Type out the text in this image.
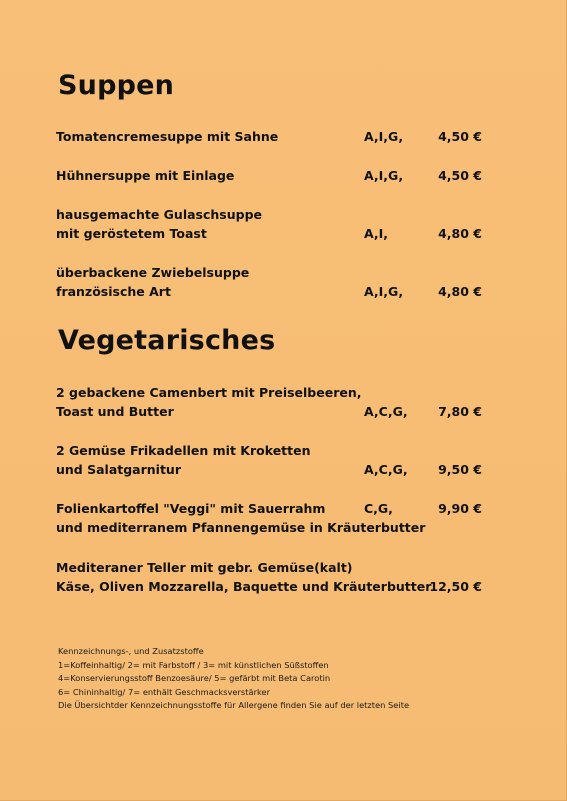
Suppen
Tomatencremesuppe mit Sahne	A,I,G,	4,50 €
Hühnersuppe mit Einlage	A,I,G,	4,50 €
hausgemachte Gulaschsuppe
mit geröstetem Toast	A,I,	4,80 €
überbackene Zwiebelsuppe
französische Art	A,I,G,	4,80 €
Vegetarisches
2 gebackene Camenbert mit Preiselbeeren,
Toast und Butter	A,C,G, 7,80 €
2 Gemüse Frikadellen mit Kroketten
und Salatgarnitur	A,C,G, 9,50 €
Folienkartoffel "Veggi" mit Sauerrahm
und mediterranem Pfannengemüse in Kräuterbutter
C,G,	9,90 €
Mediteraner Teller mit gebr. Gemüse(kalt)
Käse, Oliven Mozzarella, Baquette und Kräuterbutter
12,50 €
Kennzeichnungs-, und Zusatzstoffe
1=Koffeinhaltig/ 2= mit Farbstoff / 3= mit künstlichen Süßstoffen
4=Konservierungsstoff Benzoesäure/ 5= gefärbt mit Beta Carotin
6= Chininhaltig/ 7= enthält Geschmacksverstärker
Die Übersichtder Kennzeichnungsstoffe für Allergene finden Sie auf der letzten Seite
